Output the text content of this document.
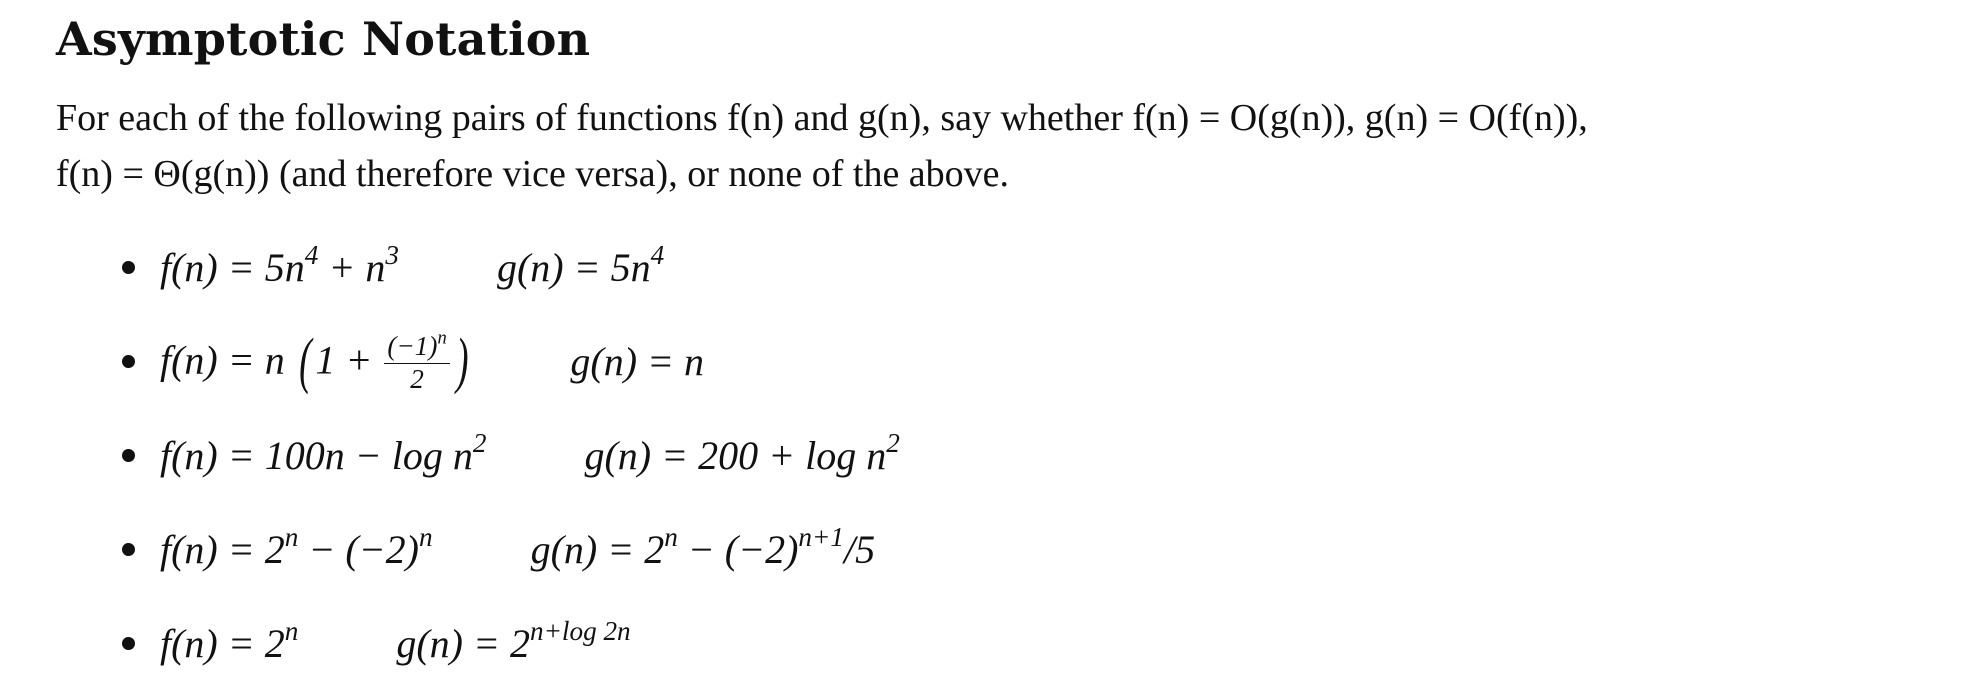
Asymptotic Notation
For each of the following pairs of functions f(n) and g(n), say whether f(n) = O(g(n)), g(n) = O(f(n)),
f(n) = Θ(g(n)) (and therefore vice versa), or none of the above.
$f(n) = 5n^4 + n^3$ $g(n) = 5n^4$
f(n) = n ( $1 + \frac{(-1)^n}{2}$ )	g(n) = n
$f(n) = 100n - \log n^2$ $g(n) = 200 + \log n^2$
$f(n) = 2^n - (-2)^n$ $g(n) = 2^n - (-2)^{n+1}/5$
$f(n) = 2^n$ $g(n) = 2^{n+log 2n}$
